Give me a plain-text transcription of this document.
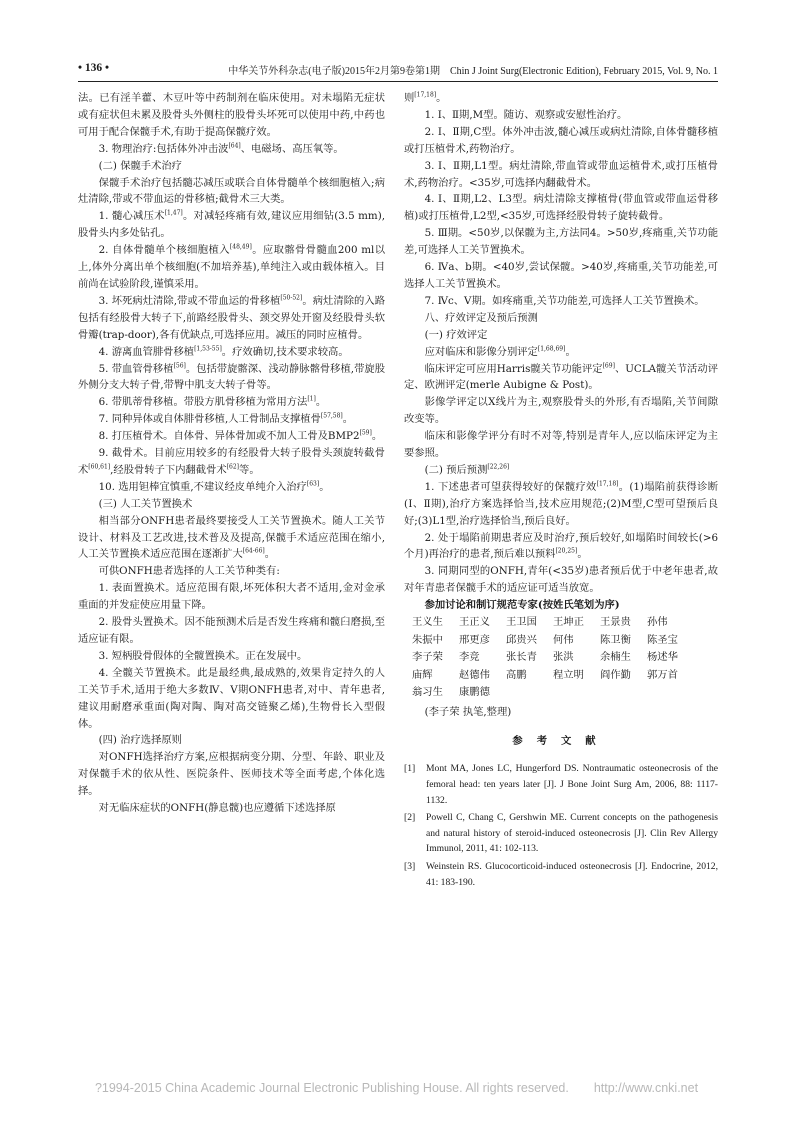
• 136 •	中华关节外科杂志(电子版)2015年2月第9卷第1期　Chin J Joint Surg(Electronic Edition), February 2015, Vol. 9, No. 1

法。已有淫羊藿、木豆叶等中药制剂在临床使用。对未塌陷无症状或有症状但未累及股骨头外侧柱的股骨头坏死可以使用中药,中药也可用于配合保髋手术,有助于提高保髋疗效。

3. 物理治疗:包括体外冲击波[64]、电磁场、高压氧等。

(二) 保髋手术治疗

保髋手术治疗包括髓芯减压或联合自体骨髓单个核细胞植入;病灶清除,带或不带血运的骨移植;截骨术三大类。

1. 髓心减压术[1,47]。对减轻疼痛有效,建议应用细钻(3.5 mm),股骨头内多处钻孔。

2. 自体骨髓单个核细胞植入[48,49]。应取髂骨骨髓血200 ml以上,体外分离出单个核细胞(不加培养基),单纯注入或由载体植入。目前尚在试验阶段,谨慎采用。

3. 坏死病灶清除,带或不带血运的骨移植[50-52]。病灶清除的入路包括有经股骨大转子下,前路经股骨头、颈交界处开窗及经股骨头软骨瓣(trap-door),各有优缺点,可选择应用。减压的同时应植骨。

4. 游离血管腓骨移植[1,53-55]。疗效确切,技术要求较高。

5. 带血管骨移植[56]。包括带旋髂深、浅动静脉髂骨移植,带旋股外侧分支大转子骨,带臀中肌支大转子骨等。

6. 带肌蒂骨移植。带股方肌骨移植为常用方法[1]。

7. 同种异体或自体腓骨移植,人工骨制品支撑植骨[57,58]。

8. 打压植骨术。自体骨、异体骨加或不加人工骨及BMP2[59]。

9. 截骨术。目前应用较多的有经股骨大转子股骨头颈旋转截骨术[60,61],经股骨转子下内翻截骨术[62]等。

10. 选用钽棒宜慎重,不建议经皮单纯介入治疗[63]。

(三) 人工关节置换术

相当部分ONFH患者最终要接受人工关节置换术。随人工关节设计、材料及工艺改进,技术普及及提高,保髋手术适应范围在缩小,人工关节置换术适应范围在逐渐扩大[64-66]。

可供ONFH患者选择的人工关节种类有:

1. 表面置换术。适应范围有限,坏死体积大者不适用,金对金承重面的并发症使应用量下降。

2. 股骨头置换术。因不能预测术后是否发生疼痛和髋臼磨损,至适应证有限。

3. 短柄股骨假体的全髋置换术。正在发展中。

4. 全髋关节置换术。此是最经典,最成熟的,效果肯定持久的人工关节手术,适用于绝大多数Ⅳ、Ⅴ期ONFH患者,对中、青年患者,建议用耐磨承重面(陶对陶、陶对高交链聚乙烯),生物骨长入型假体。

(四) 治疗选择原则

对ONFH选择治疗方案,应根据病变分期、分型、年龄、职业及对保髋手术的依从性、医院条件、医师技术等全面考虑,个体化选择。

对无临床症状的ONFH(静息髋)也应遵循下述选择原

则[17,18]。

1. Ⅰ、Ⅱ期,M型。随访、观察或安慰性治疗。

2. Ⅰ、Ⅱ期,C型。体外冲击波,髓心减压或病灶清除,自体骨髓移植或打压植骨术,药物治疗。

3. Ⅰ、Ⅱ期,L1型。病灶清除,带血管或带血运植骨术,或打压植骨术,药物治疗。<35岁,可选择内翻截骨术。

4. Ⅰ、Ⅱ期,L2、L3型。病灶清除支撑植骨(带血管或带血运骨移植)或打压植骨,L2型,<35岁,可选择经股骨转子旋转截骨。

5. Ⅲ期。<50岁,以保髋为主,方法同4。>50岁,疼痛重,关节功能差,可选择人工关节置换术。

6. Ⅳa、b期。<40岁,尝试保髋。>40岁,疼痛重,关节功能差,可选择人工关节置换术。

7. Ⅳc、Ⅴ期。如疼痛重,关节功能差,可选择人工关节置换术。

八、疗效评定及预后预测

(一) 疗效评定

应对临床和影像分别评定[1,68,69]。

临床评定可应用Harris髋关节功能评定[69]、UCLA髋关节活动评定、欧洲评定(merle Aubigne & Post)。

影像学评定以X线片为主,观察股骨头的外形,有否塌陷,关节间隙改变等。

临床和影像学评分有时不对等,特别是青年人,应以临床评定为主要参照。

(二) 预后预测[22,26]

1. 下述患者可望获得较好的保髋疗效[17,18]。(1)塌陷前获得诊断(Ⅰ、Ⅱ期),治疗方案选择恰当,技术应用规范;(2)M型,C型可望预后良好;(3)L1型,治疗选择恰当,预后良好。

2. 处于塌陷前期患者应及时治疗,预后较好,如塌陷时间较长(>6个月)再治疗的患者,预后难以预料[20,25]。

3. 同期同型的ONFH,青年(<35岁)患者预后优于中老年患者,故对年青患者保髋手术的适应证可适当放宽。

参加讨论和制订规范专家(按姓氏笔划为序)

王义生 王正义 王卫国 王坤正 王景贵 孙伟

朱振中 邢更彦 邱贵兴 何伟	陈卫衡 陈圣宝

李子荣 李竞	张长青 张洪	余楠生 杨述华

庙辉	赵德伟 高鹏	程立明 阎作勤 郭万首

翁习生 康鹏德

(李子荣 执笔,整理)

参考文献

[1]	Mont MA, Jones LC, Hungerford DS. Nontraumatic osteonecrosis of the femoral head: ten years later [J]. J Bone Joint Surg Am, 2006, 88: 1117-1132.
[2]	Powell C, Chang C, Gershwin ME. Current concepts on the pathogenesis and natural history of steroid-induced osteonecrosis [J]. Clin Rev Allergy Immunol, 2011, 41: 102-113.
[3]	Weinstein RS. Glucocorticoid-induced osteonecrosis [J]. Endocrine, 2012, 41: 183-190.
?1994-2015 China Academic Journal Electronic Publishing House. All rights reserved.　　http://www.cnki.net
